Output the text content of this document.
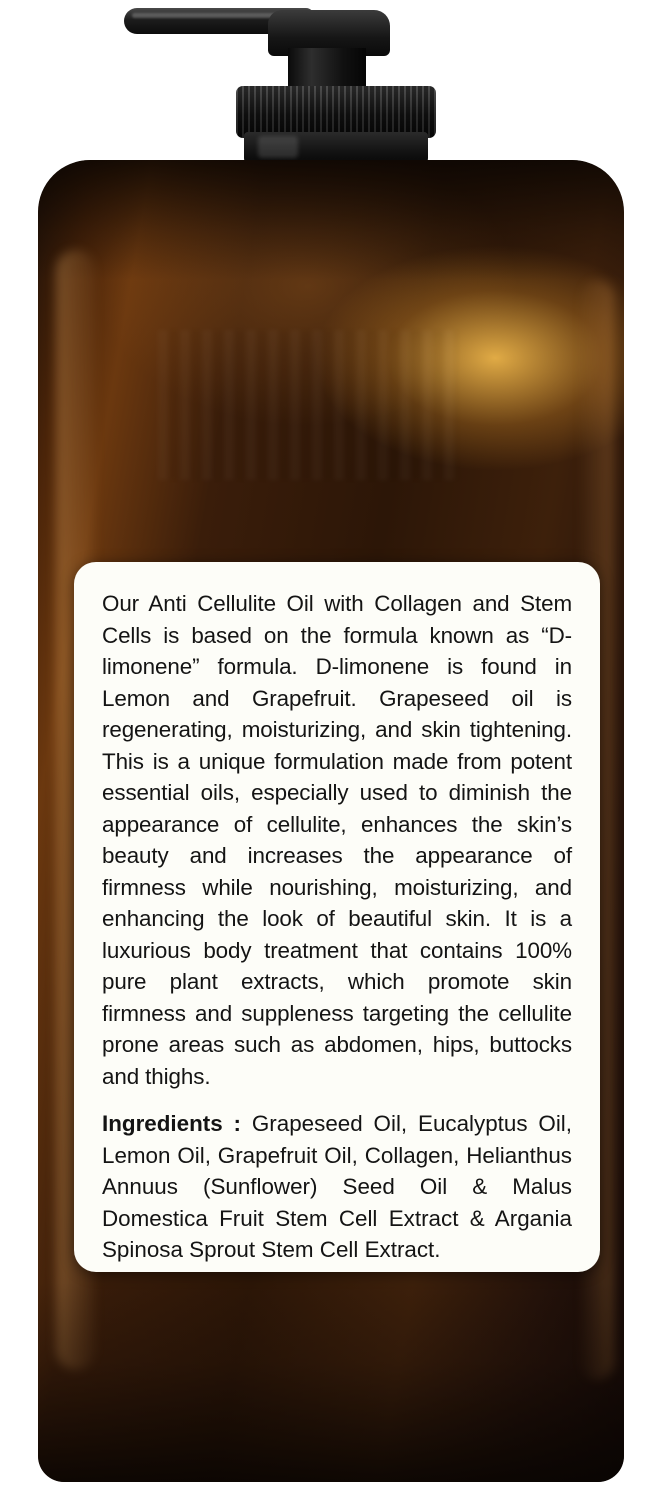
Our Anti Cellulite Oil with Collagen and Stem Cells is based on the formula known as “D-limonene” formula. D-limonene is found in Lemon and Grapefruit. Grapeseed oil is regenerating, moisturizing, and skin tightening. This is a unique formulation made from potent essential oils, especially used to diminish the appearance of cellulite, enhances the skin’s beauty and increases the appearance of firmness while nourishing, moisturizing, and enhancing the look of beautiful skin. It is a luxurious body treatment that contains 100% pure plant extracts, which promote skin firmness and suppleness targeting the cellulite prone areas such as abdomen, hips, buttocks and thighs.

Ingredients : Grapeseed Oil, Eucalyptus Oil, Lemon Oil, Grapefruit Oil, Collagen, Helianthus Annuus (Sunflower) Seed Oil & Malus Domestica Fruit Stem Cell Extract & Argania Spinosa Sprout Stem Cell Extract.
